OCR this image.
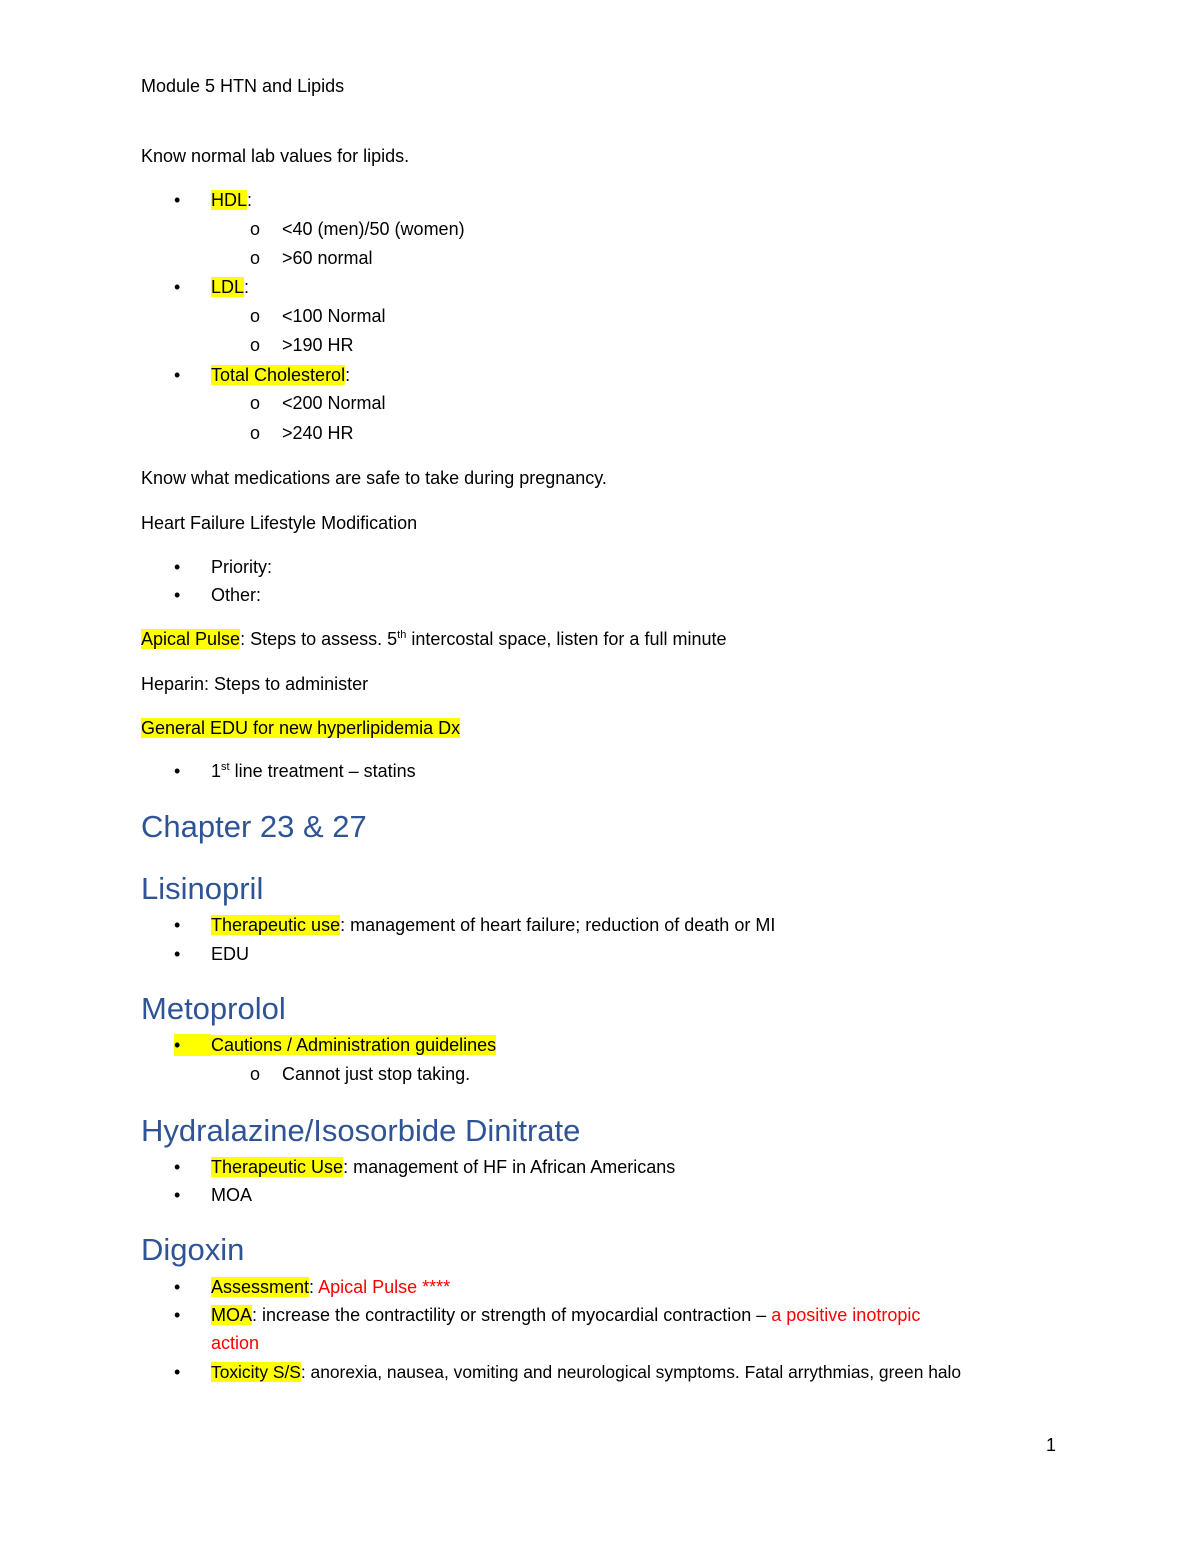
Module 5 HTN and Lipids
Know normal lab values for lipids.
• HDL:
o <40 (men)/50 (women)
o >60 normal
• LDL:
o <100 Normal
o >190 HR
• Total Cholesterol:
o <200 Normal
o >240 HR
Know what medications are safe to take during pregnancy.
Heart Failure Lifestyle Modification
• Priority:
• Other:
Apical Pulse: Steps to assess. 5th intercostal space, listen for a full minute
Heparin: Steps to administer
General EDU for new hyperlipidemia Dx
• 1st line treatment – statins
Chapter 23 & 27
Lisinopril
• Therapeutic use: management of heart failure; reduction of death or MI
• EDU
Metoprolol
•	Cautions / Administration guidelines
o Cannot just stop taking.
Hydralazine/Isosorbide Dinitrate
• Therapeutic Use: management of HF in African Americans
• MOA
Digoxin
• Assessment: Apical Pulse ****
• MOA: increase the contractility or strength of myocardial contraction – a positive inotropic
action
• Toxicity S/S: anorexia, nausea, vomiting and neurological symptoms. Fatal arrythmias, green halo
1
